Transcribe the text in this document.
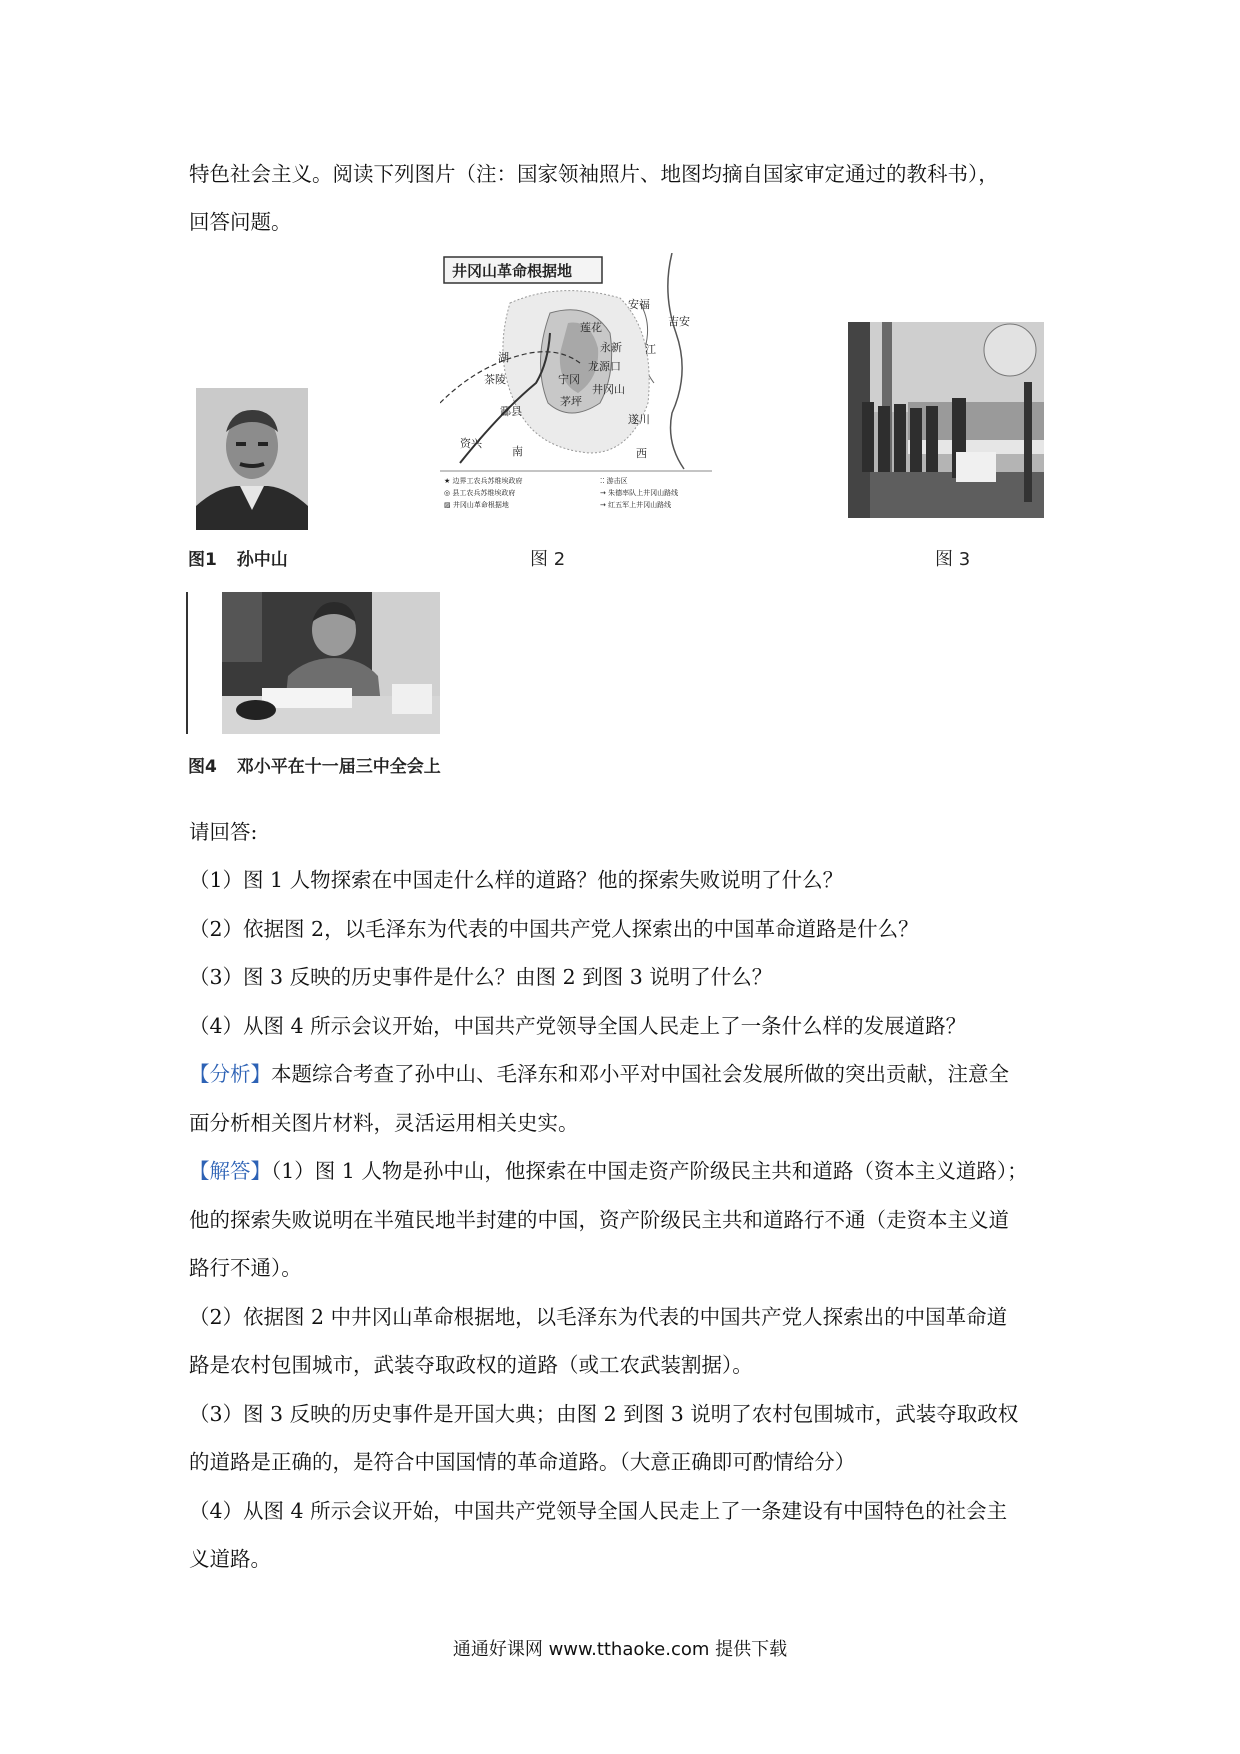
特色社会主义。阅读下列图片（注：国家领袖照片、地图均摘自国家审定通过的教科书），
回答问题。
图1 孙中山
井冈山革命根据地
安福
吉安
江
莲花
永新
湖
茶陵
龙源口
宁冈
茅坪
井冈山
酃县
遂川
资兴
南	西
★ 边界工农兵苏维埃政府
◎ 县工农兵苏维埃政府
▨ 井冈山革命根据地
⁚⁚ 游击区
→ 朱德率队上井冈山路线
→ 红五军上井冈山路线
图 2	图 3
图4 邓小平在十一届三中全会上
请回答:
（1）图 1 人物探索在中国走什么样的道路？他的探索失败说明了什么？
（2）依据图 2，以毛泽东为代表的中国共产党人探索出的中国革命道路是什么？
（3）图 3 反映的历史事件是什么？由图 2 到图 3 说明了什么？
（4）从图 4 所示会议开始，中国共产党领导全国人民走上了一条什么样的发展道路？
【分析】本题综合考查了孙中山、毛泽东和邓小平对中国社会发展所做的突出贡献，注意全
面分析相关图片材料，灵活运用相关史实。
【解答】（1）图 1 人物是孙中山，他探索在中国走资产阶级民主共和道路（资本主义道路）；
他的探索失败说明在半殖民地半封建的中国，资产阶级民主共和道路行不通（走资本主义道
路行不通）。
（2）依据图 2 中井冈山革命根据地，以毛泽东为代表的中国共产党人探索出的中国革命道
路是农村包围城市，武装夺取政权的道路（或工农武装割据）。
（3）图 3 反映的历史事件是开国大典；由图 2 到图 3 说明了农村包围城市，武装夺取政权
的道路是正确的，是符合中国国情的革命道路。（大意正确即可酌情给分）
（4）从图 4 所示会议开始，中国共产党领导全国人民走上了一条建设有中国特色的社会主
义道路。
通通好课网 www.tthaoke.com 提供下载
